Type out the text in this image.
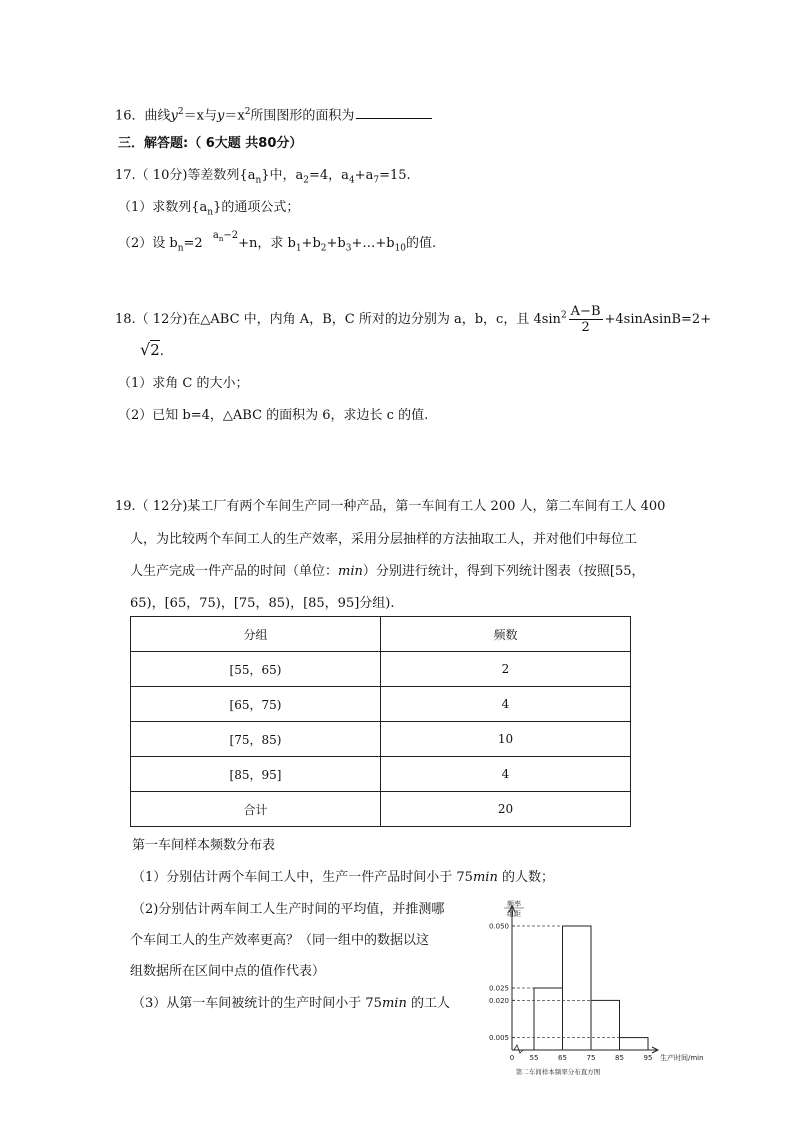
16．曲线$y^2=x$与$y=x^2$所围图形的面积为
三．解答题:（ 6大题 共80分）
17.（ 10分)等差数列$\{a_n\}$中，$a_2=4$，$a_4+a_7=15$.
（1）求数列$\{a_n\}$的通项公式；
（2）设 $b_n=2$ $^{a_n-2}$+n，求 $b_1+b_2+b_3+\dots+b_{10}$的值.
18.（ 12分)在△ABC 中，内角 A，B，C 所对的边分别为 a，b，c，且 $4\sin^2 \frac{A-B}{2}$ +4sinAsinB=2+
√2.
（1）求角 C 的大小；
（2）已知 b=4，△ABC 的面积为 6，求边长 c 的值.
19.（ 12分)某工厂有两个车间生产同一种产品，第一车间有工人 200 人，第二车间有工人 400
人，为比较两个车间工人的生产效率，采用分层抽样的方法抽取工人，并对他们中每位工
人生产完成一件产品的时间（单位：min）分别进行统计，得到下列统计图表（按照[55，
65)，[65，75)，[75，85)，[85，95]分组).
分组	频数
[55，65)	2
[65，75)	4
[75，85)	10
[85，95]	4
合计	20
第一车间样本频数分布表
（1）分别估计两个车间工人中，生产一件产品时间小于 75min 的人数；
（2)分别估计两车间工人生产时间的平均值，并推测哪
个车间工人的生产效率更高？（同一组中的数据以这
组数据所在区间中点的值作代表）
（3）从第一车间被统计的生产时间小于 75min 的工人
频率
组距
0.005
0.020
0.025
0.050
0 55	65	75	85	95 生产时间/min
第二车间样本频率分布直方图
